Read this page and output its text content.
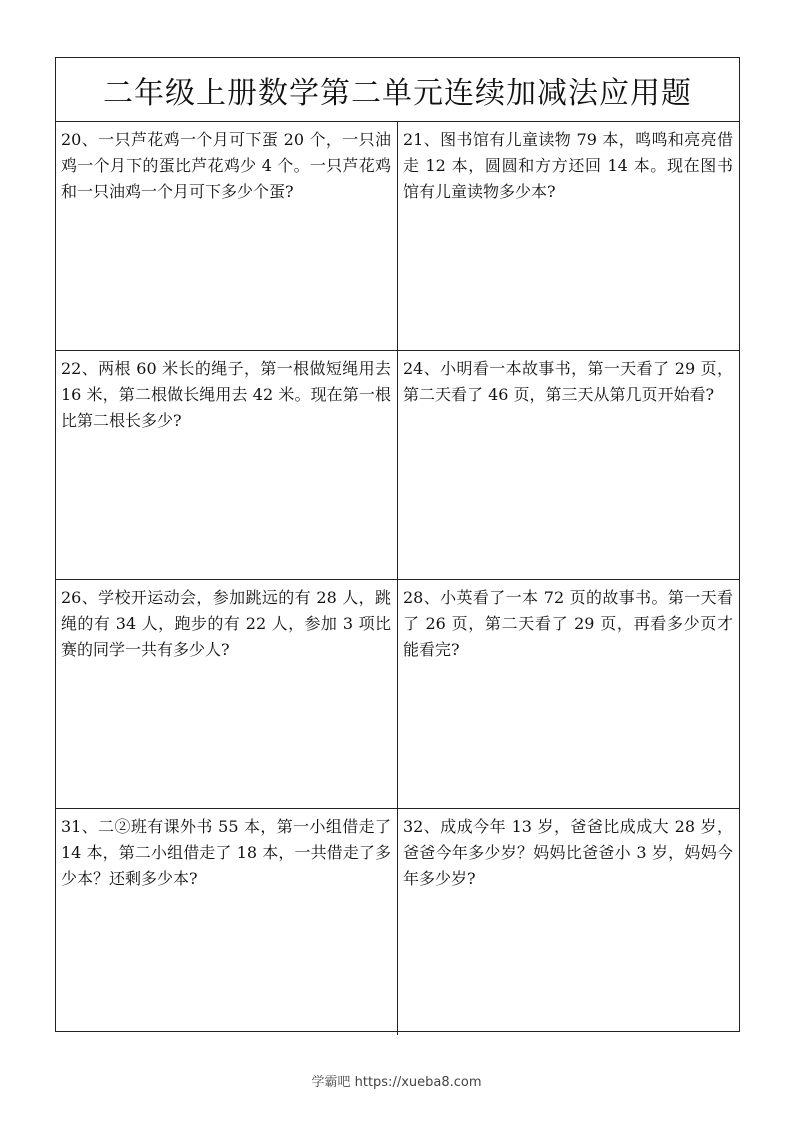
二年级上册数学第二单元连续加减法应用题

20、一只芦花鸡一个月可下蛋 20 个，一只油鸡一个月下的蛋比芦花鸡少 4 个。一只芦花鸡和一只油鸡一个月可下多少个蛋?

21、图书馆有儿童读物 79 本，鸣鸣和亮亮借走 12 本，圆圆和方方还回 14 本。现在图书馆有儿童读物多少本?

22、两根 60 米长的绳子，第一根做短绳用去 16 米，第二根做长绳用去 42 米。现在第一根比第二根长多少?

24、小明看一本故事书，第一天看了 29 页，第二天看了 46 页，第三天从第几页开始看?

26、学校开运动会，参加跳远的有 28 人，跳绳的有 34 人，跑步的有 22 人，参加 3 项比赛的同学一共有多少人?

28、小英看了一本 72 页的故事书。第一天看了 26 页，第二天看了 29 页，再看多少页才能看完?

31、二②班有课外书 55 本，第一小组借走了 14 本，第二小组借走了 18 本，一共借走了多少本？还剩多少本?

32、成成今年 13 岁，爸爸比成成大 28 岁，爸爸今年多少岁？妈妈比爸爸小 3 岁，妈妈今年多少岁?

学霸吧 https://xueba8.com
